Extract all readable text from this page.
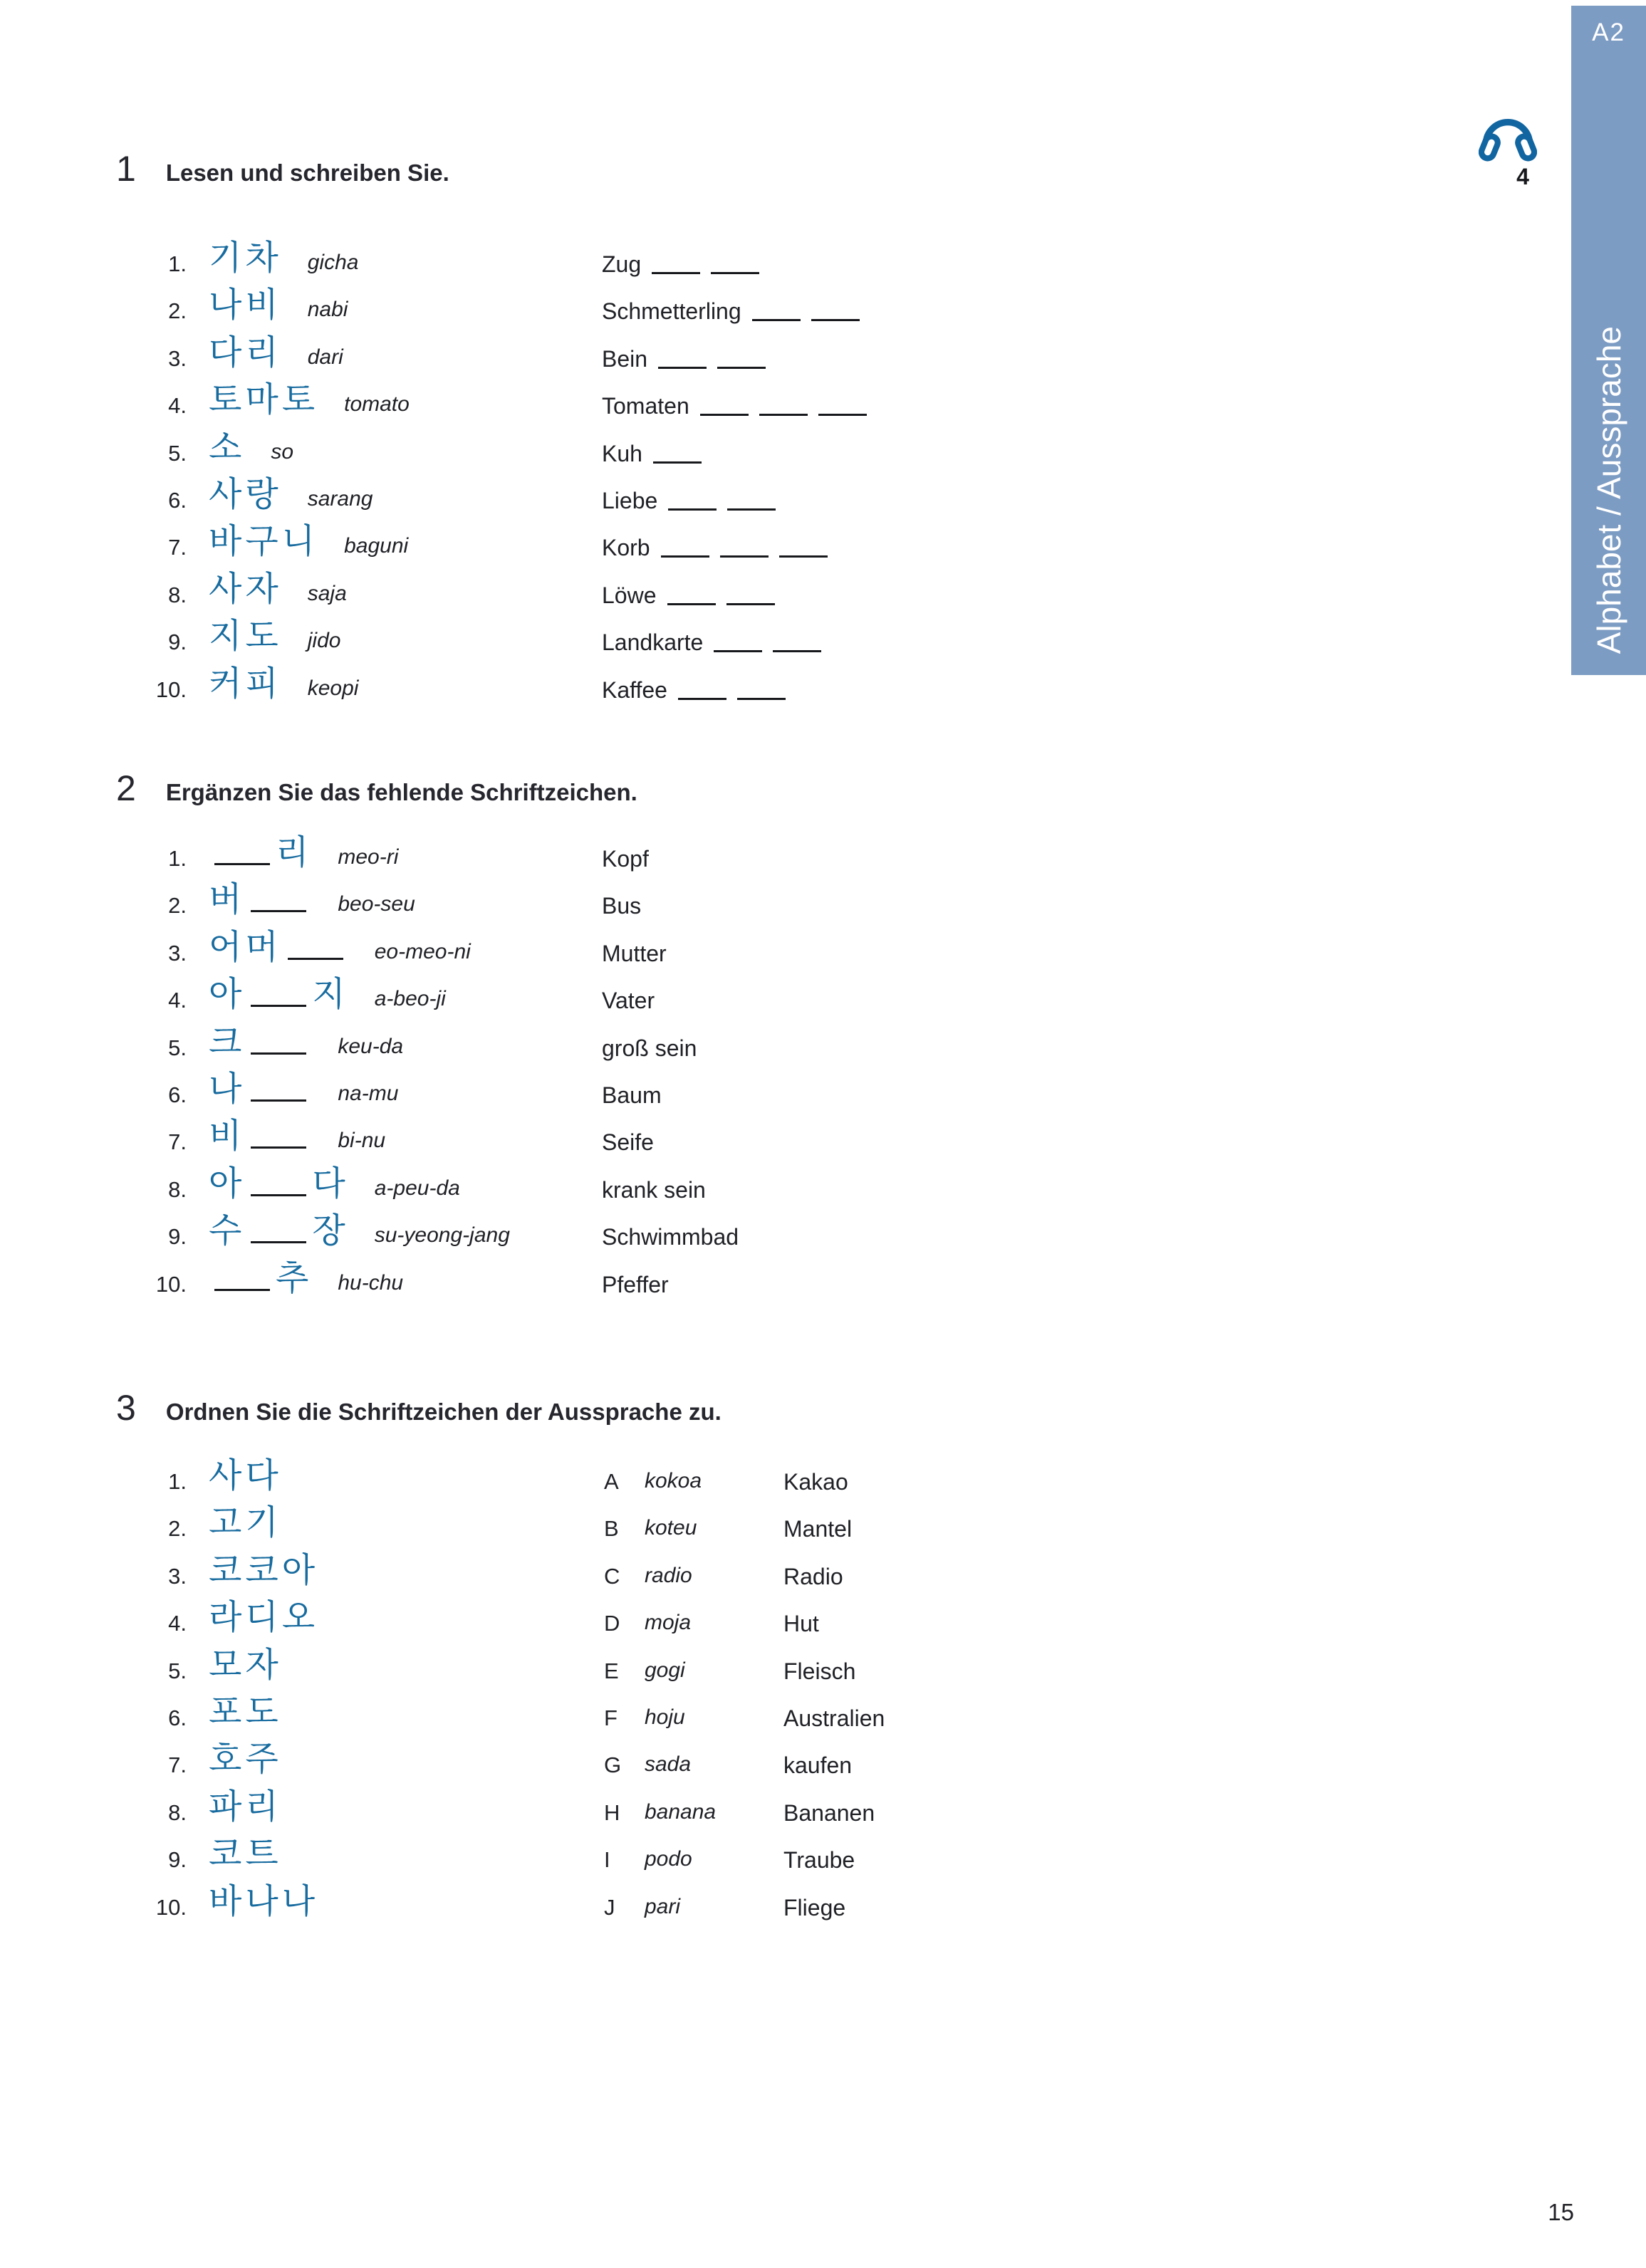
A2
Alphabet / Aussprache
4
1 Lesen und schreiben Sie.
1. 기차 gicha	Zug
2. 나비 nabi	Schmetterling
3. 다리 dari	Bein
4. 토마토 tomato	Tomaten
5. 소 so	Kuh
6. 사랑 sarang	Liebe
7. 바구니 baguni	Korb
8. 사자 saja	Löwe
9. 지도 jido	Landkarte
10. 커피 keopi	Kaffee
2 Ergänzen Sie das fehlende Schriftzeichen.
1.	리 meo-ri	Kopf
2. 버	beo-seu	Bus
3. 어머	eo-meo-ni	Mutter
4. 아 지 a-beo-ji	Vater
5. 크	keu-da	groß sein
6. 나	na-mu	Baum
7. 비	bi-nu	Seife
8. 아 다 a-peu-da	krank sein
9. 수 장 su-yeong-jang	Schwimmbad
10.	추 hu-chu	Pfeffer
3 Ordnen Sie die Schriftzeichen der Aussprache zu.
1. 사다	A kokoa	Kakao
2. 고기	B koteu	Mantel
3. 코코아	C radio	Radio
4. 라디오	D moja	Hut
5. 모자	E gogi	Fleisch
6. 포도	F hoju	Australien
7. 호주	G sada	kaufen
8. 파리	H banana	Bananen
9. 코트	I podo	Traube
10. 바나나	J pari	Fliege
15
